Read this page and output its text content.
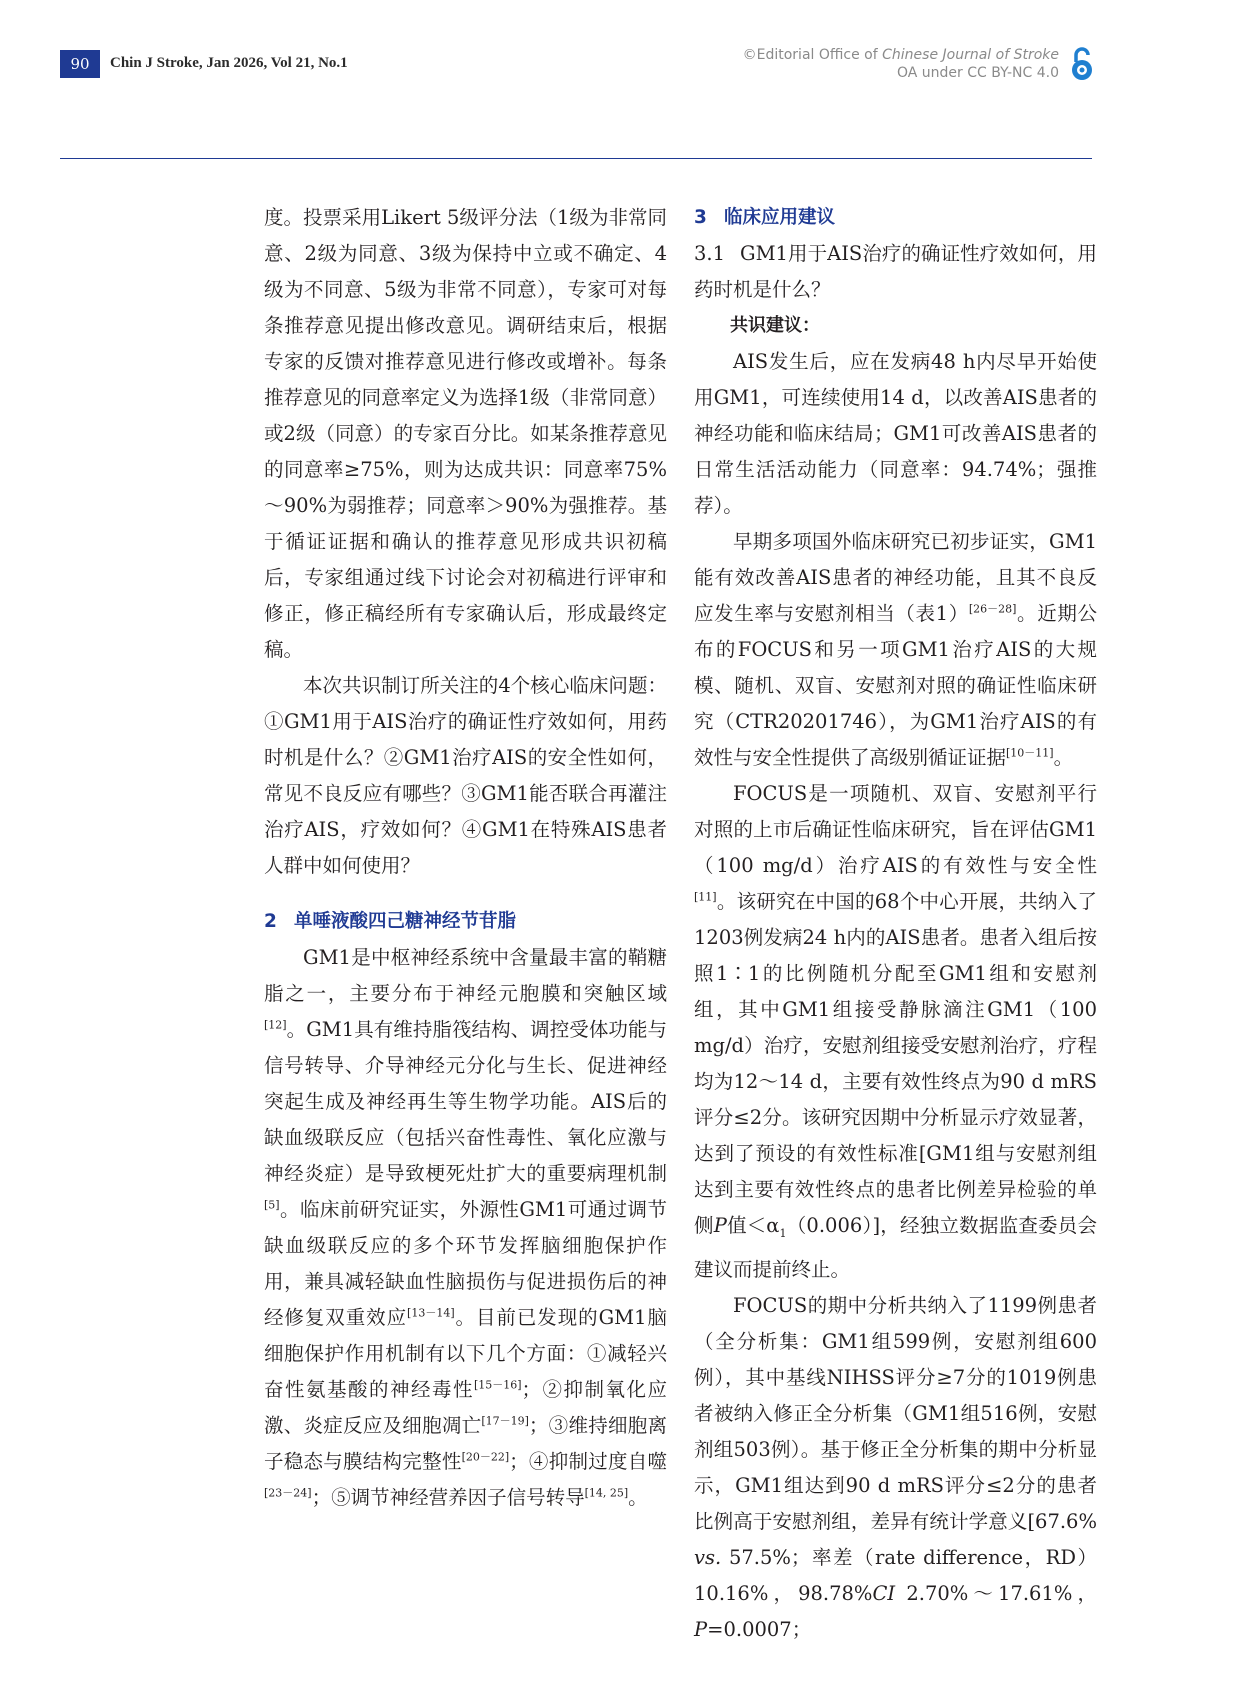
90	Chin J Stroke, Jan 2026, Vol 21, No.1	©Editorial Office of Chinese Journal of Stroke
OA under CC BY-NC 4.0

度。投票采用Likert 5级评分法（1级为非常同意、2级为同意、3级为保持中立或不确定、4级为不同意、5级为非常不同意），专家可对每条推荐意见提出修改意见。调研结束后，根据专家的反馈对推荐意见进行修改或增补。每条推荐意见的同意率定义为选择1级（非常同意）或2级（同意）的专家百分比。如某条推荐意见的同意率≥75%，则为达成共识：同意率75%～90%为弱推荐；同意率＞90%为强推荐。基于循证证据和确认的推荐意见形成共识初稿后，专家组通过线下讨论会对初稿进行评审和修正，修正稿经所有专家确认后，形成最终定稿。

本次共识制订所关注的4个核心临床问题：①GM1用于AIS治疗的确证性疗效如何，用药时机是什么？②GM1治疗AIS的安全性如何，常见不良反应有哪些？③GM1能否联合再灌注治疗AIS，疗效如何？④GM1在特殊AIS患者人群中如何使用？

2 单唾液酸四己糖神经节苷脂

GM1是中枢神经系统中含量最丰富的鞘糖脂之一，主要分布于神经元胞膜和突触区域[12]。GM1具有维持脂筏结构、调控受体功能与信号转导、介导神经元分化与生长、促进神经突起生成及神经再生等生物学功能。AIS后的缺血级联反应（包括兴奋性毒性、氧化应激与神经炎症）是导致梗死灶扩大的重要病理机制[5]。临床前研究证实，外源性GM1可通过调节缺血级联反应的多个环节发挥脑细胞保护作用，兼具减轻缺血性脑损伤与促进损伤后的神经修复双重效应[13－14]。目前已发现的GM1脑细胞保护作用机制有以下几个方面：①减轻兴奋性氨基酸的神经毒性[15－16]；②抑制氧化应激、炎症反应及细胞凋亡[17－19]；③维持细胞离子稳态与膜结构完整性[20－22]；④抑制过度自噬[23－24]；⑤调节神经营养因子信号转导[14, 25]。

3 临床应用建议

3.1 GM1用于AIS治疗的确证性疗效如何，用药时机是什么？

共识建议：

AIS发生后，应在发病48 h内尽早开始使用GM1，可连续使用14 d，以改善AIS患者的神经功能和临床结局；GM1可改善AIS患者的日常生活活动能力（同意率：94.74%；强推荐）。

早期多项国外临床研究已初步证实，GM1能有效改善AIS患者的神经功能，且其不良反应发生率与安慰剂相当（表1）[26－28]。近期公布的FOCUS和另一项GM1治疗AIS的大规模、随机、双盲、安慰剂对照的确证性临床研究（CTR20201746），为GM1治疗AIS的有效性与安全性提供了高级别循证证据[10－11]。

FOCUS是一项随机、双盲、安慰剂平行对照的上市后确证性临床研究，旨在评估GM1（100 mg/d）治疗AIS的有效性与安全性[11]。该研究在中国的68个中心开展，共纳入了1203例发病24 h内的AIS患者。患者入组后按照1∶1的比例随机分配至GM1组和安慰剂组，其中GM1组接受静脉滴注GM1（100 mg/d）治疗，安慰剂组接受安慰剂治疗，疗程均为12～14 d，主要有效性终点为90 d mRS评分≤2分。该研究因期中分析显示疗效显著，达到了预设的有效性标准[GM1组与安慰剂组达到主要有效性终点的患者比例差异检验的单侧P值$<\alpha_1(0.006)$]，经独立数据监查委员会建议而提前终止。

FOCUS的期中分析共纳入了1199例患者（全分析集：GM1组599例，安慰剂组600例），其中基线NIHSS评分≥7分的1019例患者被纳入修正全分析集（GM1组516例，安慰剂组503例）。基于修正全分析集的期中分析显示，GM1组达到90 d mRS评分≤2分的患者比例高于安慰剂组，差异有统计学意义[67.6% vs. 57.5%；率差（rate difference，RD）10.16%，98.78%CI 2.70%～17.61%，P=0.0007；
